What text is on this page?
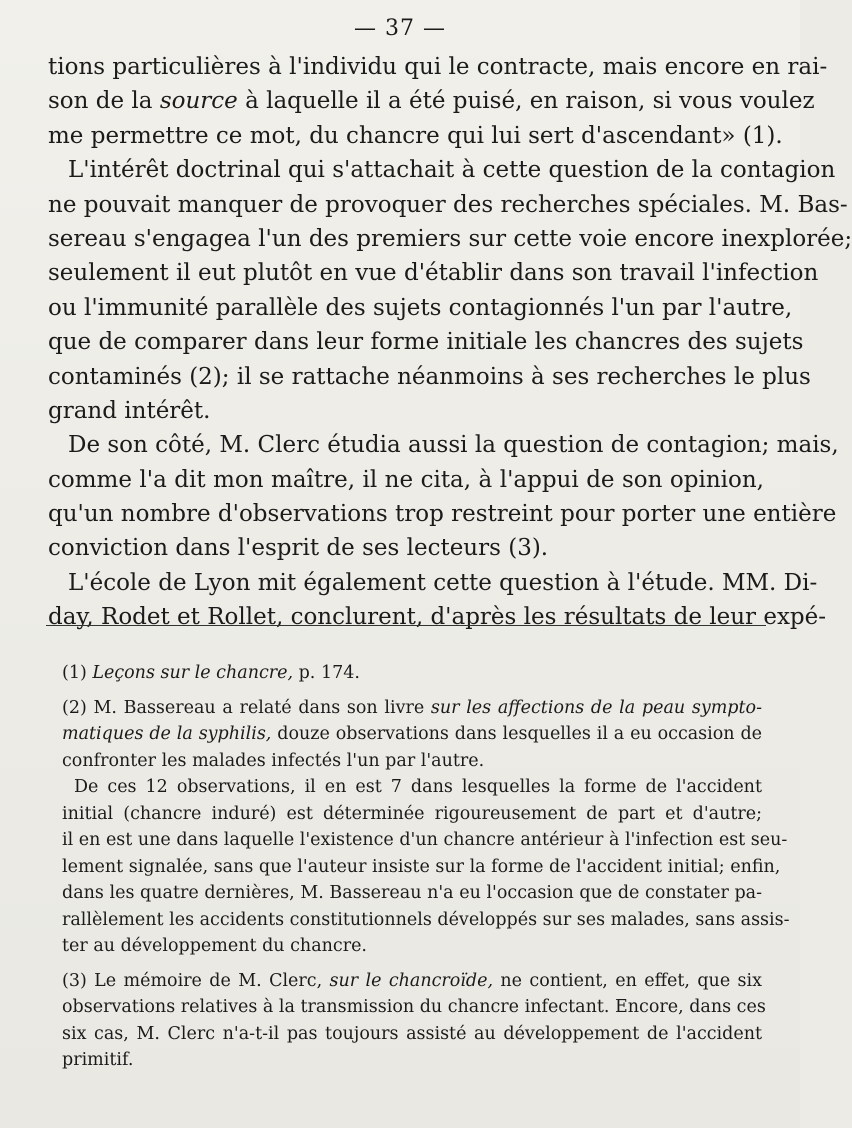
— 37 —
tions particulières à l'individu qui le contracte, mais encore en rai-
son de la source à laquelle il a été puisé, en raison, si vous voulez
me permettre ce mot, du chancre qui lui sert d'ascendant» (1).
L'intérêt doctrinal qui s'attachait à cette question de la contagion
ne pouvait manquer de provoquer des recherches spéciales. M. Bas-
sereau s'engagea l'un des premiers sur cette voie encore inexplorée;
seulement il eut plutôt en vue d'établir dans son travail l'infection
ou l'immunité parallèle des sujets contagionnés l'un par l'autre,
que de comparer dans leur forme initiale les chancres des sujets
contaminés (2); il se rattache néanmoins à ses recherches le plus
grand intérêt.
De son côté, M. Clerc étudia aussi la question de contagion; mais,
comme l'a dit mon maître, il ne cita, à l'appui de son opinion,
qu'un nombre d'observations trop restreint pour porter une entière
conviction dans l'esprit de ses lecteurs (3).
L'école de Lyon mit également cette question à l'étude. MM. Di-
day, Rodet et Rollet, conclurent, d'après les résultats de leur expé-
(1) Leçons sur le chancre, p. 174.
(2) M. Bassereau a relaté dans son livre sur les affections de la peau sympto-
matiques de la syphilis, douze observations dans lesquelles il a eu occasion de
confronter les malades infectés l'un par l'autre.
De ces 12 observations, il en est 7 dans lesquelles la forme de l'accident
initial (chancre induré) est déterminée rigoureusement de part et d'autre;
il en est une dans laquelle l'existence d'un chancre antérieur à l'infection est seu-
lement signalée, sans que l'auteur insiste sur la forme de l'accident initial; enfin,
dans les quatre dernières, M. Bassereau n'a eu l'occasion que de constater pa-
rallèlement les accidents constitutionnels développés sur ses malades, sans assis-
ter au développement du chancre.
(3) Le mémoire de M. Clerc, sur le chancroïde, ne contient, en effet, que six
observations relatives à la transmission du chancre infectant. Encore, dans ces
six cas, M. Clerc n'a-t-il pas toujours assisté au développement de l'accident
primitif.
